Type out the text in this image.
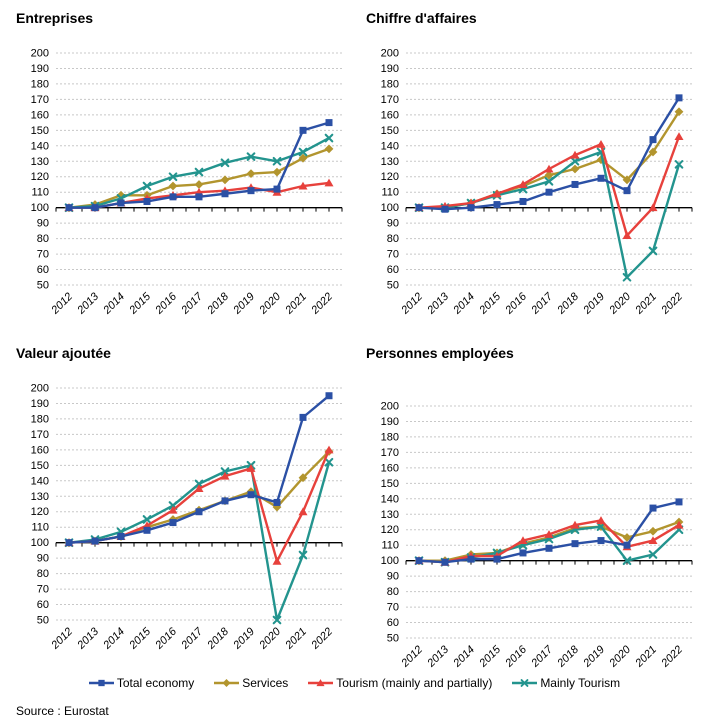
Entreprises
50
60
70
80
90
100
110
120
130
140
150
160
170
180
190
200
2012 2013 2014 2015 2016 2017 2018 2019 2020 2021 2022
Chiffre d'affaires
50
60
70
80
90
100
110
120
130
140
150
160
170
180
190
200
2012 2013 2014 2015 2016 2017 2018 2019 2020 2021 2022
Valeur ajoutée
50
60
70
80
90
100
110
120
130
140
150
160
170
180
190
200
2012 2013 2014 2015 2016 2017 2018 2019 2020 2021 2022
Personnes employées
50
60
70
80
90
100
110
120
130
140
150
160
170
180
190
200
2012 2013 2014 2015 2016 2017 2018 2019 2020 2021 2022
Total economy	Services	Tourism (mainly and partially)	Mainly Tourism
Source : Eurostat
